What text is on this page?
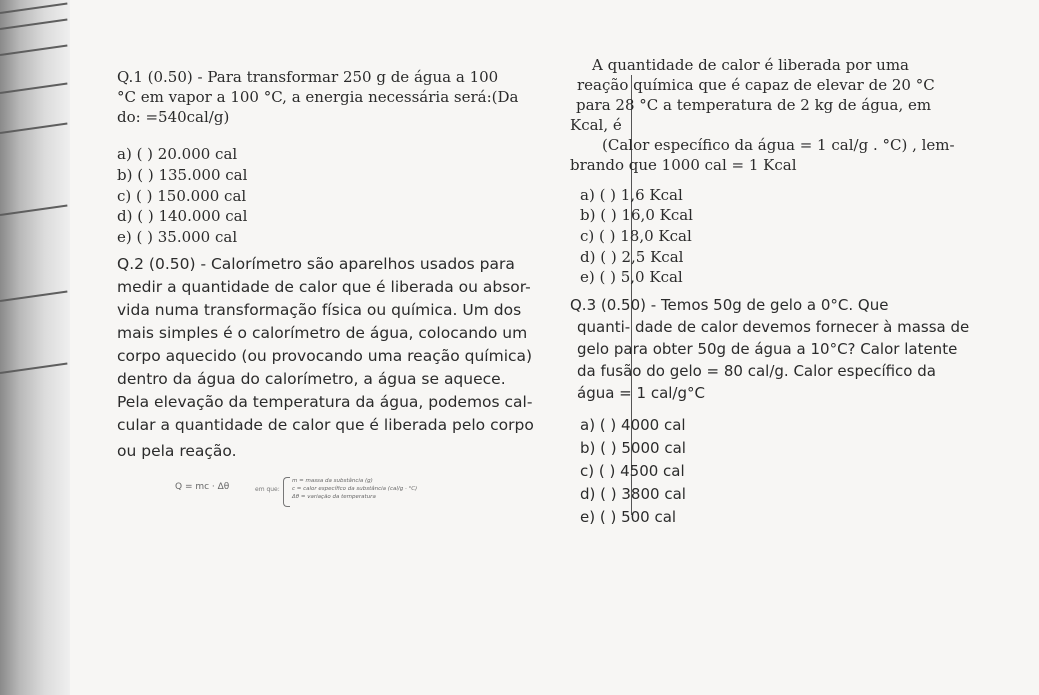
Q.1 (0.50) - Para transformar 250 g de água a 100
°C em vapor a 100 °C, a energia necessária será:(Da
do: =540cal/g)
a) ( ) 20.000 cal
b) ( ) 135.000 cal
c) ( ) 150.000 cal
d) ( ) 140.000 cal
e) ( ) 35.000 cal
Q.2 (0.50) - Calorímetro são aparelhos usados para
medir a quantidade de calor que é liberada ou absor-
vida numa transformação física ou química. Um dos
mais simples é o calorímetro de água, colocando um
corpo aquecido (ou provocando uma reação química)
dentro da água do calorímetro, a água se aquece.
Pela elevação da temperatura da água, podemos cal-
cular a quantidade de calor que é liberada pelo corpo
ou pela reação.
Q = mc · Δθ	em que:
m = massa da substância (g)
c = calor específico da substância (cal/g · °C)
Δθ = variação da temperatura
A quantidade de calor é liberada por uma
reação química que é capaz de elevar de 20 °C
para 28 °C a temperatura de 2 kg de água, em
Kcal, é
(Calor específico da água = 1 cal/g . °C) , lem-
brando que 1000 cal = 1 Kcal
a) ( ) 1,6 Kcal
b) ( ) 16,0 Kcal
c) ( ) 18,0 Kcal
d) ( ) 2,5 Kcal
e) ( ) 5,0 Kcal
Q.3 (0.50) - Temos 50g de gelo a 0°C. Que
quanti- dade de calor devemos fornecer à massa de
gelo para obter 50g de água a 10°C? Calor latente
da fusão do gelo = 80 cal/g. Calor específico da
água = 1 cal/g°C
a) ( ) 4000 cal
b) ( ) 5000 cal
c) ( ) 4500 cal
d) ( ) 3800 cal
e) ( ) 500 cal
